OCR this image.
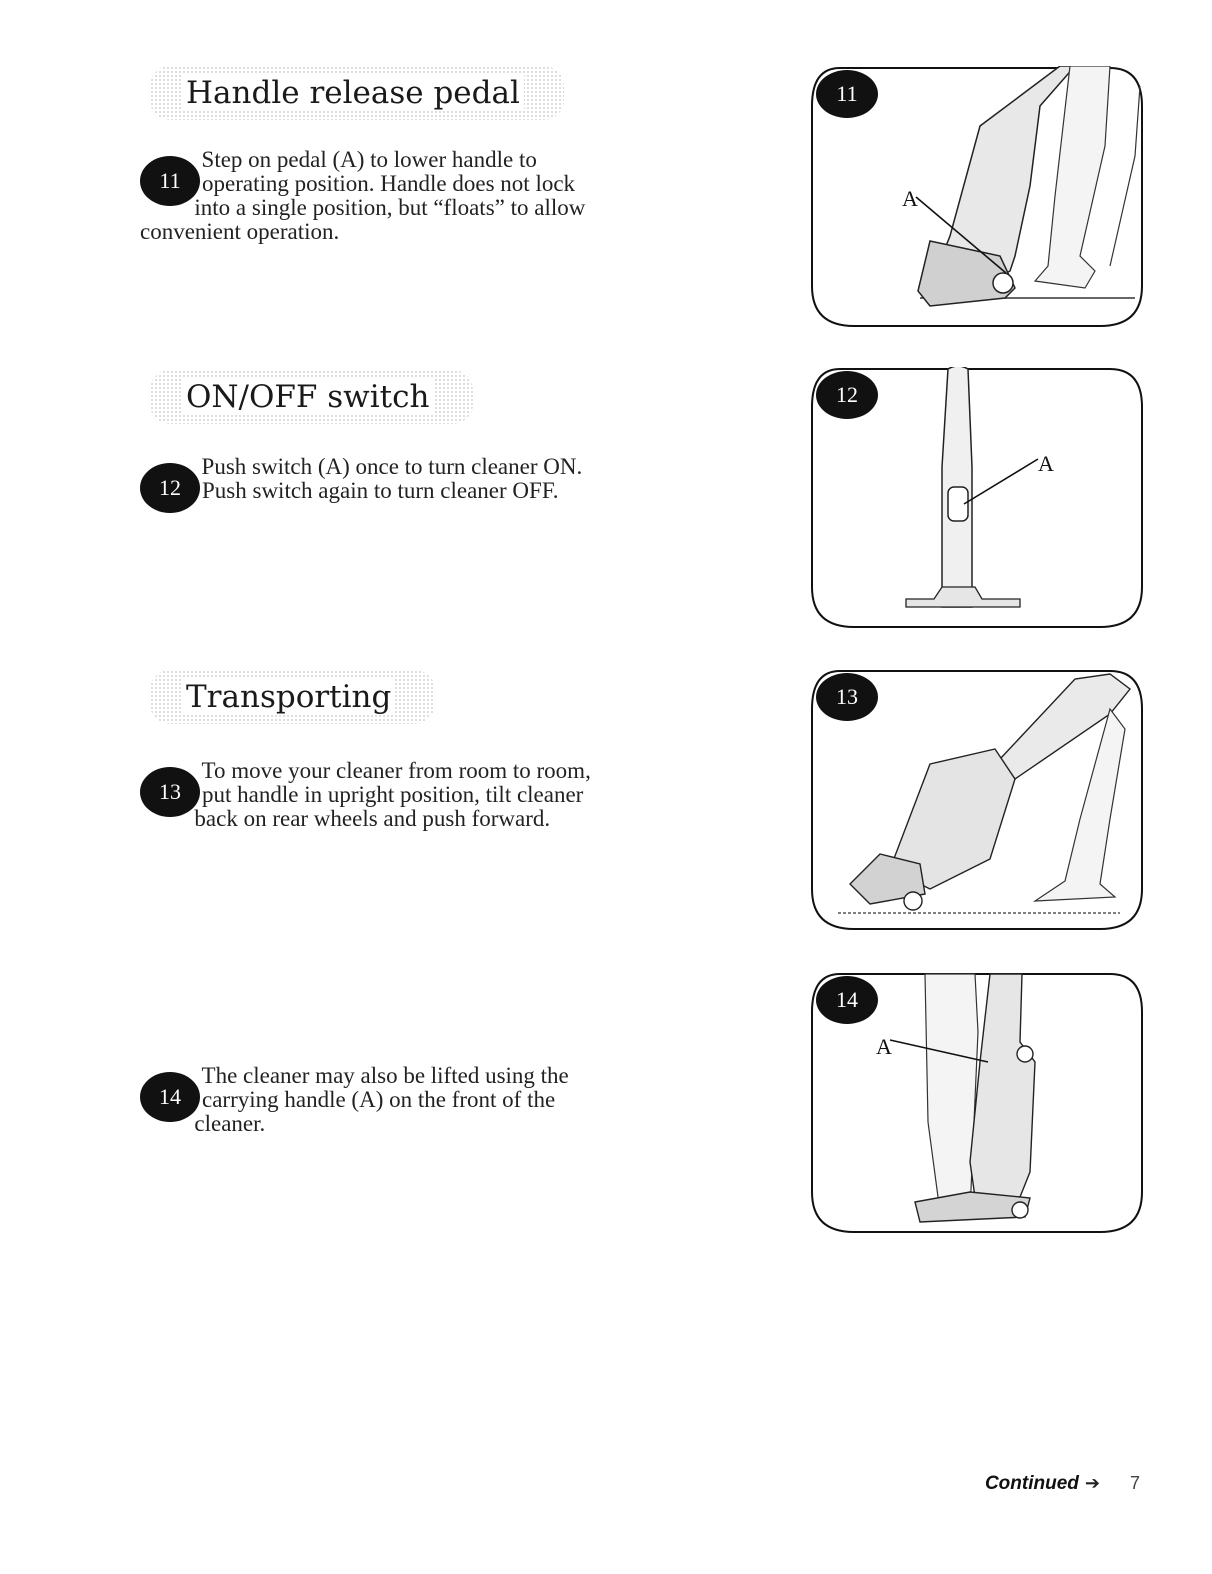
Handle release pedal
11

Step on pedal (A) to lower handle to operating position. Handle does not lock into a single position, but “floats” to allow convenient operation.

ON/OFF switch
12

Push switch (A) once to turn cleaner ON. Push switch again to turn cleaner OFF.

Transporting
13

To move your cleaner from room to room, put handle in upright position, tilt cleaner back on rear wheels and push forward.

14

The cleaner may also be lifted using the carrying handle (A) on the front of the cleaner.

A
11
A
12
13
A
14
Continued ➔ 7
